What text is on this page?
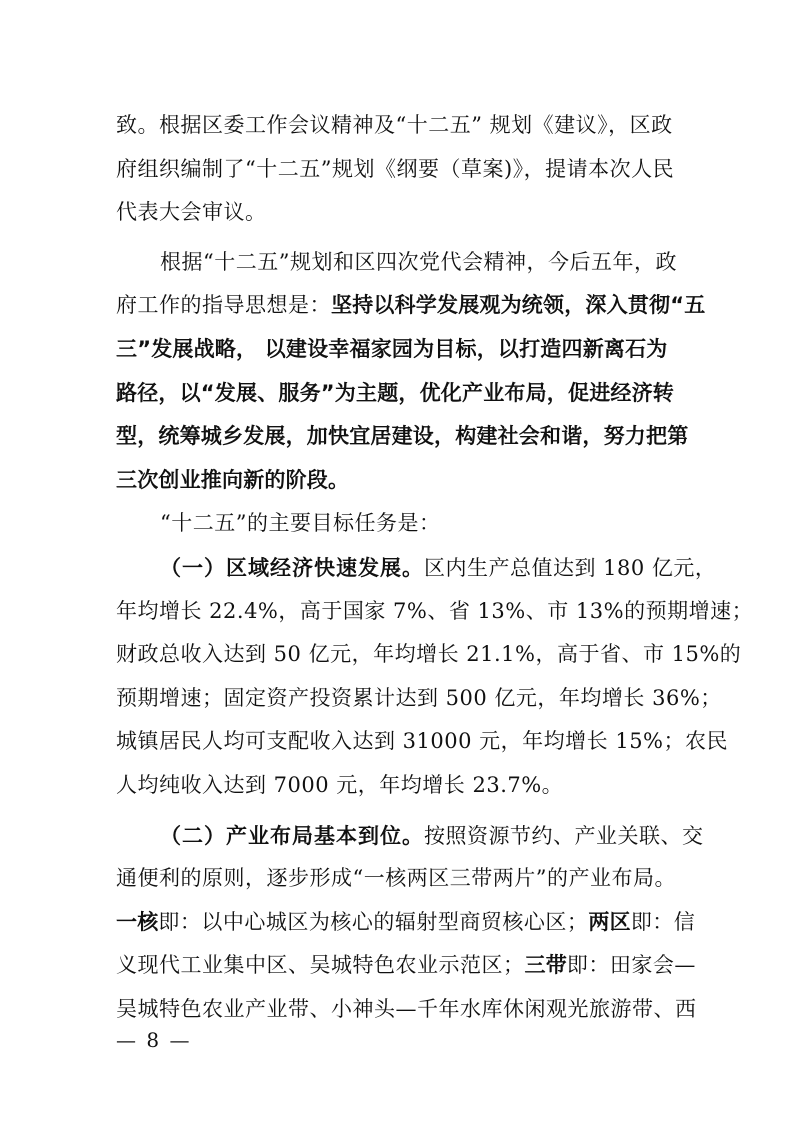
致。根据区委工作会议精神及“十二五” 规划《建议》，区政
府组织编制了“十二五”规划《纲要（草案)》，提请本次人民
代表大会审议。
根据“十二五”规划和区四次党代会精神，今后五年，政
府工作的指导思想是：坚持以科学发展观为统领，深入贯彻“五
三”发展战略， 以建设幸福家园为目标，以打造四新离石为
路径，以“发展、服务”为主题，优化产业布局，促进经济转
型，统筹城乡发展，加快宜居建设，构建社会和谐，努力把第
三次创业推向新的阶段。
“十二五”的主要目标任务是：
（一）区域经济快速发展。区内生产总值达到 180 亿元，
年均增长 22.4%，高于国家 7%、省 13%、市 13%的预期增速；
财政总收入达到 50 亿元，年均增长 21.1%，高于省、市 15%的
预期增速；固定资产投资累计达到 500 亿元，年均增长 36%；
城镇居民人均可支配收入达到 31000 元，年均增长 15%；农民
人均纯收入达到 7000 元，年均增长 23.7%。
（二）产业布局基本到位。按照资源节约、产业关联、交
通便利的原则，逐步形成“一核两区三带两片”的产业布局。
一核即：以中心城区为核心的辐射型商贸核心区；两区即：信
义现代工业集中区、吴城特色农业示范区；三带即：田家会—
吴城特色农业产业带、小神头—千年水库休闲观光旅游带、西
— 8 —
